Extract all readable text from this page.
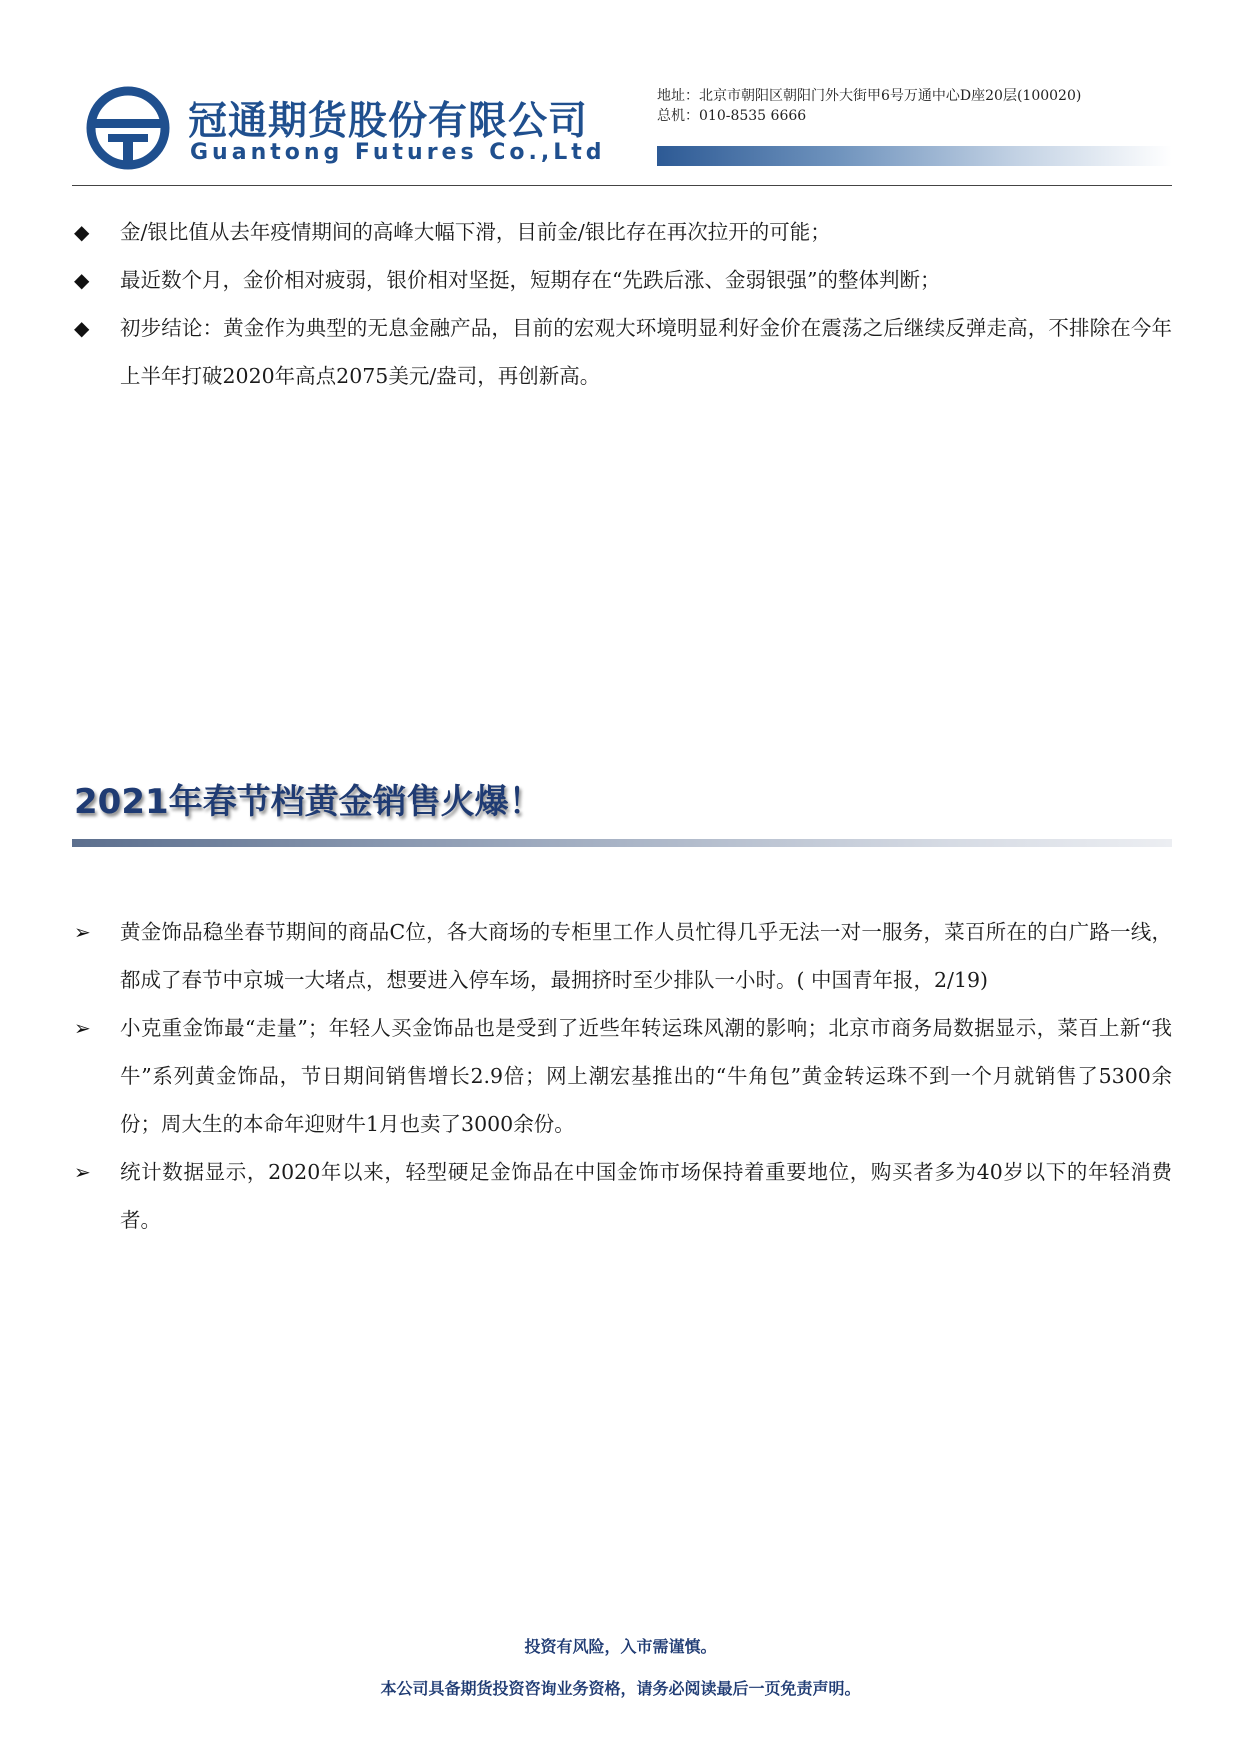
冠通期货股份有限公司
Guantong Futures Co.,Ltd
地址：北京市朝阳区朝阳门外大街甲6号万通中心D座20层(100020)
总机：010-8535 6666
◆ 金/银比值从去年疫情期间的高峰大幅下滑，目前金/银比存在再次拉开的可能；
◆ 最近数个月，金价相对疲弱，银价相对坚挺，短期存在“先跌后涨、金弱银强”的整体判断；
◆ 初步结论：黄金作为典型的无息金融产品，目前的宏观大环境明显利好金价在震荡之后继续反弹走高，不排除在今年上半年打破2020年高点2075美元/盎司，再创新高。
2021年春节档黄金销售火爆！
➢ 黄金饰品稳坐春节期间的商品C位，各大商场的专柜里工作人员忙得几乎无法一对一服务，菜百所在的白广路一线，都成了春节中京城一大堵点，想要进入停车场，最拥挤时至少排队一小时。( 中国青年报，2/19)
➢ 小克重金饰最“走量”；年轻人买金饰品也是受到了近些年转运珠风潮的影响；北京市商务局数据显示，菜百上新“我牛”系列黄金饰品，节日期间销售增长2.9倍；网上潮宏基推出的“牛角包”黄金转运珠不到一个月就销售了5300余份；周大生的本命年迎财牛1月也卖了3000余份。
➢ 统计数据显示，2020年以来，轻型硬足金饰品在中国金饰市场保持着重要地位，购买者多为40岁以下的年轻消费者。
投资有风险，入市需谨慎。
本公司具备期货投资咨询业务资格，请务必阅读最后一页免责声明。
